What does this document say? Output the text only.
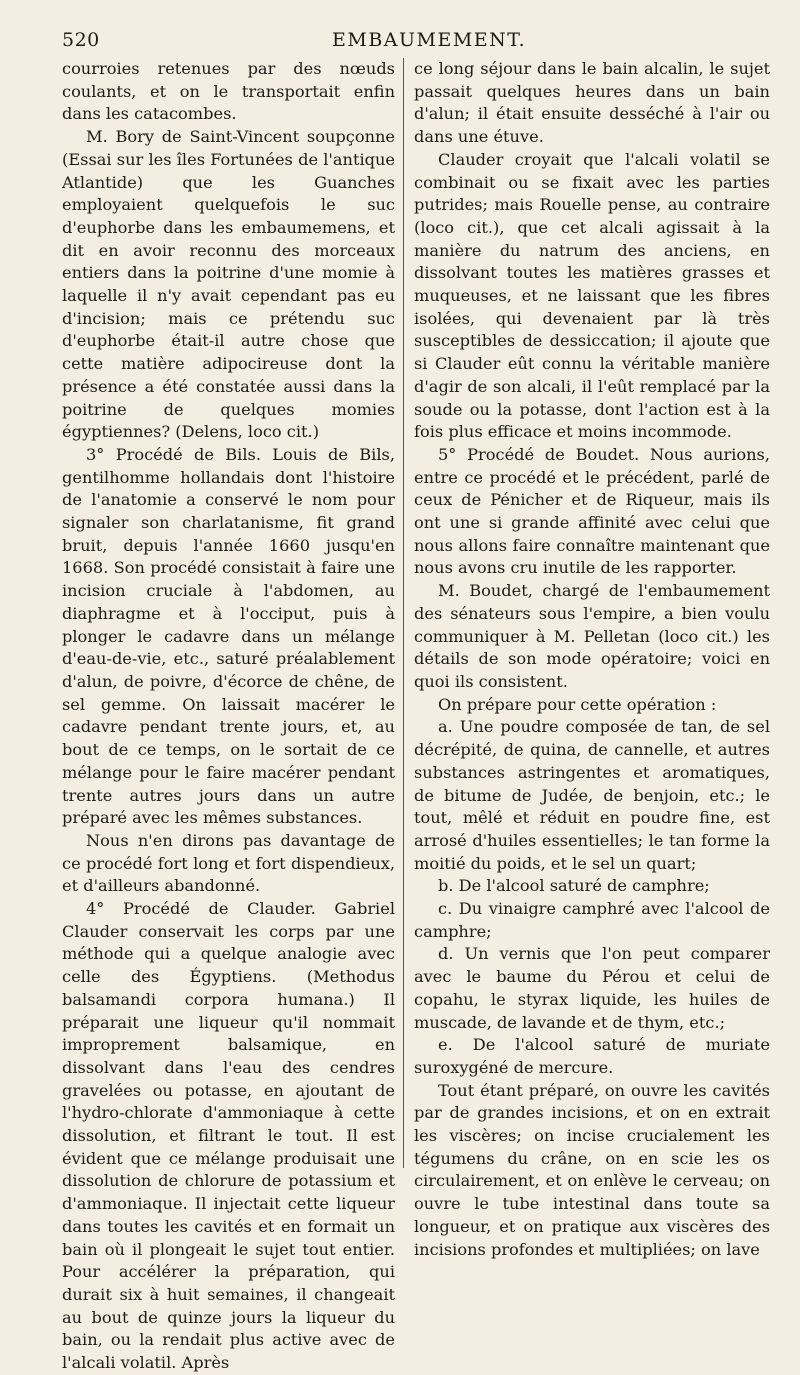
520	EMBAUMEMENT.

courroies retenues par des nœuds coulants, et on le transportait enfin dans les catacombes.

M. Bory de Saint-Vincent soupçonne (Essai sur les îles Fortunées de l'antique Atlantide) que les Guanches employaient quelquefois le suc d'euphorbe dans les embaumemens, et dit en avoir reconnu des morceaux entiers dans la poitrine d'une momie à laquelle il n'y avait cependant pas eu d'incision; mais ce prétendu suc d'euphorbe était-il autre chose que cette matière adipocireuse dont la présence a été constatée aussi dans la poitrine de quelques momies égyptiennes? (Delens, loco cit.)

3° Procédé de Bils. Louis de Bils, gentilhomme hollandais dont l'histoire de l'anatomie a conservé le nom pour signaler son charlatanisme, fit grand bruit, depuis l'année 1660 jusqu'en 1668. Son procédé consistait à faire une incision cruciale à l'abdomen, au diaphragme et à l'occiput, puis à plonger le cadavre dans un mélange d'eau-de-vie, etc., saturé préalablement d'alun, de poivre, d'écorce de chêne, de sel gemme. On laissait macérer le cadavre pendant trente jours, et, au bout de ce temps, on le sortait de ce mélange pour le faire macérer pendant trente autres jours dans un autre préparé avec les mêmes substances.

Nous n'en dirons pas davantage de ce procédé fort long et fort dispendieux, et d'ailleurs abandonné.

4° Procédé de Clauder. Gabriel Clauder conservait les corps par une méthode qui a quelque analogie avec celle des Égyptiens. (Methodus balsamandi corpora humana.) Il préparait une liqueur qu'il nommait improprement balsamique, en dissolvant dans l'eau des cendres gravelées ou potasse, en ajoutant de l'hydro-chlorate d'ammoniaque à cette dissolution, et filtrant le tout. Il est évident que ce mélange produisait une dissolution de chlorure de potassium et d'ammoniaque. Il injectait cette liqueur dans toutes les cavités et en formait un bain où il plongeait le sujet tout entier. Pour accélérer la préparation, qui durait six à huit semaines, il changeait au bout de quinze jours la liqueur du bain, ou la rendait plus active avec de l'alcali volatil. Après

ce long séjour dans le bain alcalin, le sujet passait quelques heures dans un bain d'alun; il était ensuite desséché à l'air ou dans une étuve.

Clauder croyait que l'alcali volatil se combinait ou se fixait avec les parties putrides; mais Rouelle pense, au contraire (loco cit.), que cet alcali agissait à la manière du natrum des anciens, en dissolvant toutes les matières grasses et muqueuses, et ne laissant que les fibres isolées, qui devenaient par là très susceptibles de dessiccation; il ajoute que si Clauder eût connu la véritable manière d'agir de son alcali, il l'eût remplacé par la soude ou la potasse, dont l'action est à la fois plus efficace et moins incommode.

5° Procédé de Boudet. Nous aurions, entre ce procédé et le précédent, parlé de ceux de Pénicher et de Riqueur, mais ils ont une si grande affinité avec celui que nous allons faire connaître maintenant que nous avons cru inutile de les rapporter.

M. Boudet, chargé de l'embaumement des sénateurs sous l'empire, a bien voulu communiquer à M. Pelletan (loco cit.) les détails de son mode opératoire; voici en quoi ils consistent.

On prépare pour cette opération :

a. Une poudre composée de tan, de sel décrépité, de quina, de cannelle, et autres substances astringentes et aromatiques, de bitume de Judée, de benjoin, etc.; le tout, mêlé et réduit en poudre fine, est arrosé d'huiles essentielles; le tan forme la moitié du poids, et le sel un quart;

b. De l'alcool saturé de camphre;

c. Du vinaigre camphré avec l'alcool de camphre;

d. Un vernis que l'on peut comparer avec le baume du Pérou et celui de copahu, le styrax liquide, les huiles de muscade, de lavande et de thym, etc.;

e. De l'alcool saturé de muriate suroxygéné de mercure.

Tout étant préparé, on ouvre les cavités par de grandes incisions, et on en extrait les viscères; on incise crucialement les tégumens du crâne, on en scie les os circulairement, et on enlève le cerveau; on ouvre le tube intestinal dans toute sa longueur, et on pratique aux viscères des incisions profondes et multipliées; on lave
